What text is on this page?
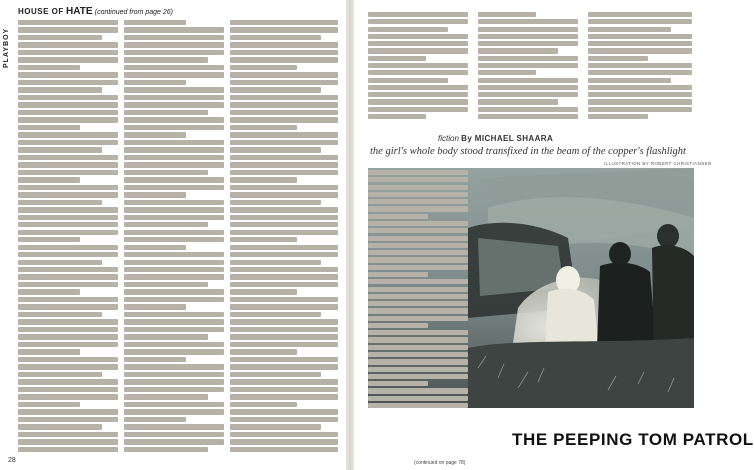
PLAYBOY
HOUSE OF HATE (continued from page 26)
28
fiction By MICHAEL SHAARA
the girl's whole body stood transfixed in the beam of the copper's flashlight
ILLUSTRATION BY ROBERT CHRISTIANSEN
THE PEEPING TOM PATROL
(continued on page 78)
